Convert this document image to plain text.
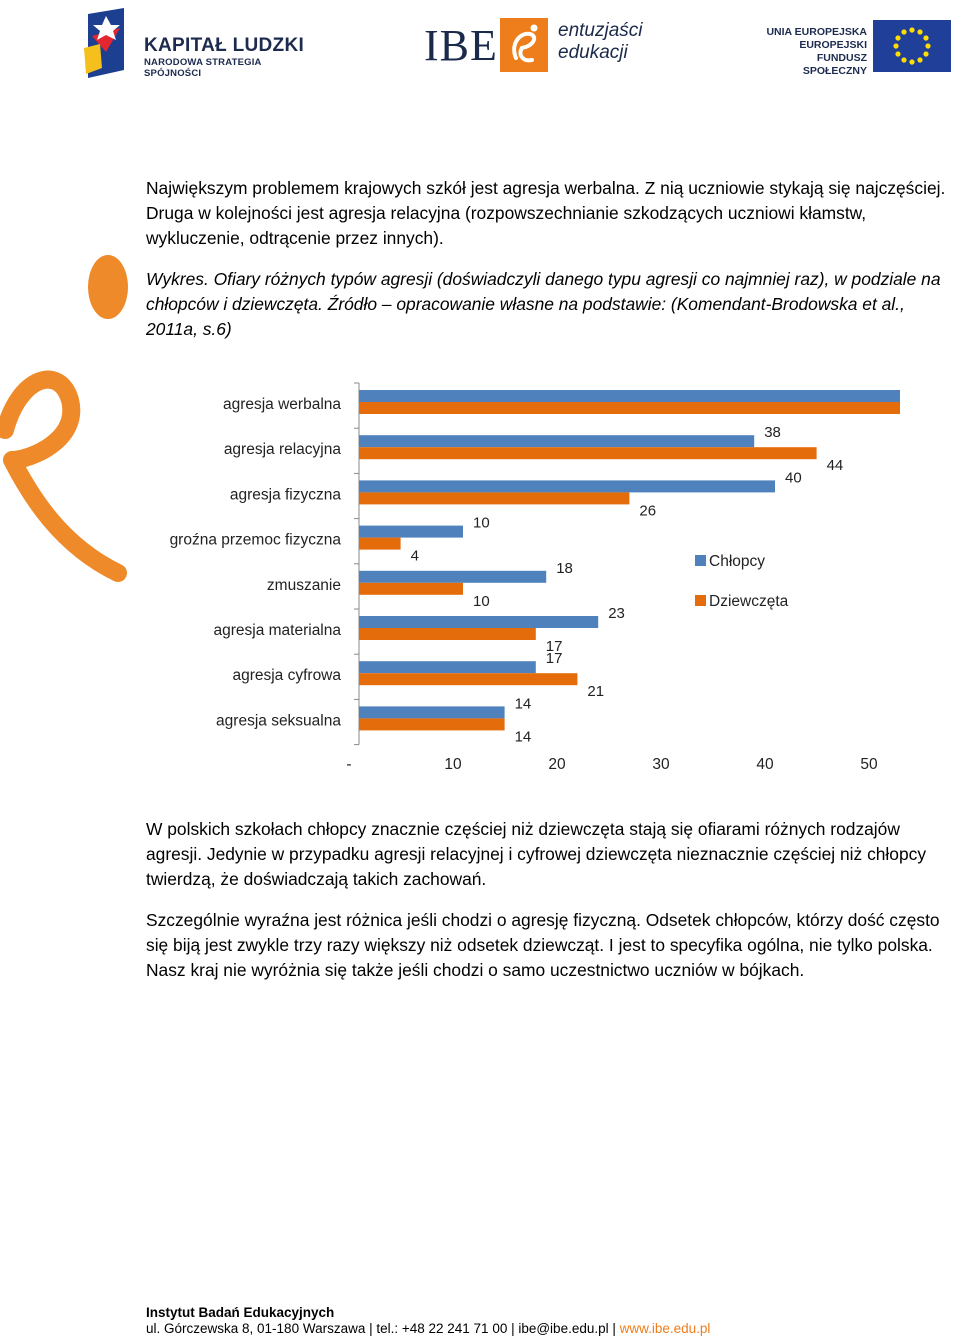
KAPITAŁ LUDZKI
NARODOWA STRATEGIA SPÓJNOŚCI
IBE	entuzjaści
edukacji
UNIA EUROPEJSKA
EUROPEJSKI
FUNDUSZ SPOŁECZNY
Największym problemem krajowych szkół jest agresja werbalna. Z nią uczniowie stykają się najczęściej. Druga w kolejności jest agresja relacyjna (rozpowszechnianie szkodzących uczniowi kłamstw, wykluczenie, odtrącenie przez innych).
Wykres. Ofiary różnych typów agresji (doświadczyli danego typu agresji co najmniej raz), w podziale na chłopców i dziewczęta. Źródło – opracowanie własne na podstawie: (Komendant-Brodowska et al., 2011a, s.6)
agresja werbalna
agresja relacyjna
38
44
agresja fizyczna
40
26
groźna przemoc fizyczna
10
4
zmuszanie
18
10
agresja materialna
23
17
agresja cyfrowa
17
21
agresja seksualna
14
14
-	10	20	30	40	50
Chłopcy
Dziewczęta
W polskich szkołach chłopcy znacznie częściej niż dziewczęta stają się ofiarami różnych rodzajów agresji. Jedynie w przypadku agresji relacyjnej i cyfrowej dziewczęta nieznacznie częściej niż chłopcy twierdzą, że doświadczają takich zachowań.
Szczególnie wyraźna jest różnica jeśli chodzi o agresję fizyczną. Odsetek chłopców, którzy dość często się biją jest zwykle trzy razy większy niż odsetek dziewcząt. I jest to specyfika ogólna, nie tylko polska. Nasz kraj nie wyróżnia się także jeśli chodzi o samo uczestnictwo uczniów w bójkach.
Instytut Badań Edukacyjnych
ul. Górczewska 8, 01-180 Warszawa | tel.: +48 22 241 71 00 | ibe@ibe.edu.pl | www.ibe.edu.pl
